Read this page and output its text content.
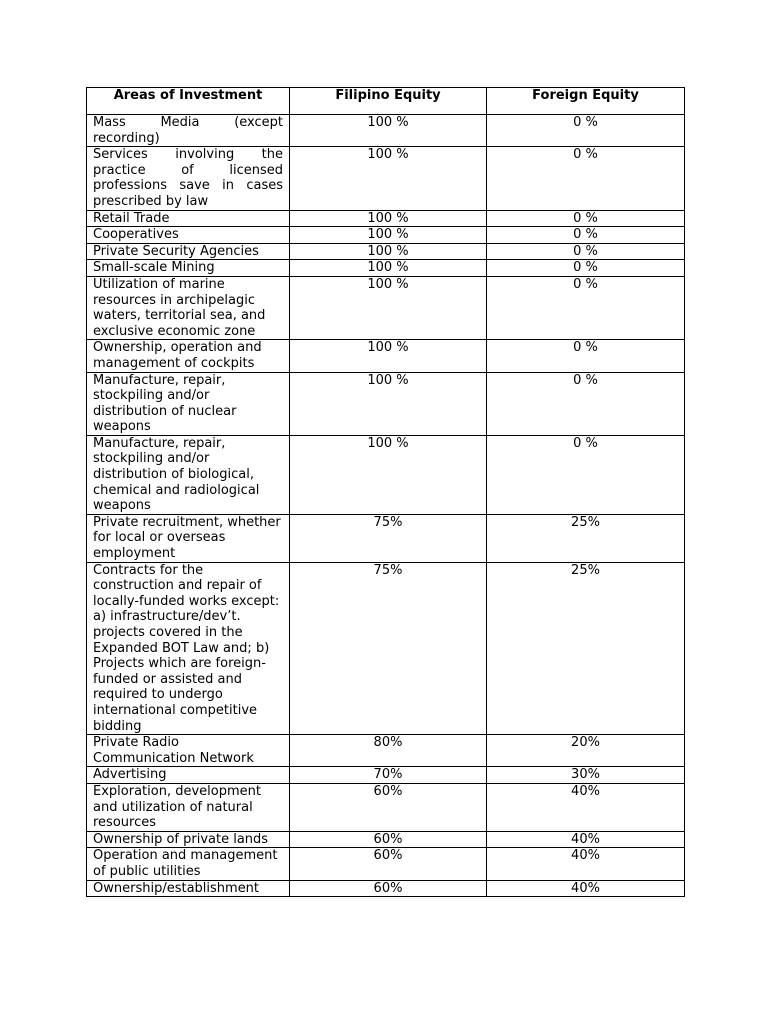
Areas of Investment	Filipino Equity	Foreign Equity
Mass Media (except recording)	100 %	0 %
Services involving the practice of licensed professions save in cases prescribed by law	100 %	0 %
Retail Trade	100 %	0 %
Cooperatives	100 %	0 %
Private Security Agencies	100 %	0 %
Small-scale Mining	100 %	0 %
Utilization of marine resources in archipelagic waters, territorial sea, and exclusive economic zone	100 %	0 %
Ownership, operation and management of cockpits	100 %	0 %
Manufacture, repair, stockpiling and/or distribution of nuclear weapons	100 %	0 %
Manufacture, repair, stockpiling and/or distribution of biological, chemical and radiological weapons	100 %	0 %
Private recruitment, whether for local or overseas employment	75%	25%
Contracts for the construction and repair of locally-funded works except: a) infrastructure/dev’t. projects covered in the Expanded BOT Law and; b) Projects which are foreign-funded or assisted and required to undergo international competitive bidding	75%	25%
Private Radio Communication Network	80%	20%
Advertising	70%	30%
Exploration, development and utilization of natural resources	60%	40%
Ownership of private lands	60%	40%
Operation and management of public utilities	60%	40%
Ownership/establishment	60%	40%
